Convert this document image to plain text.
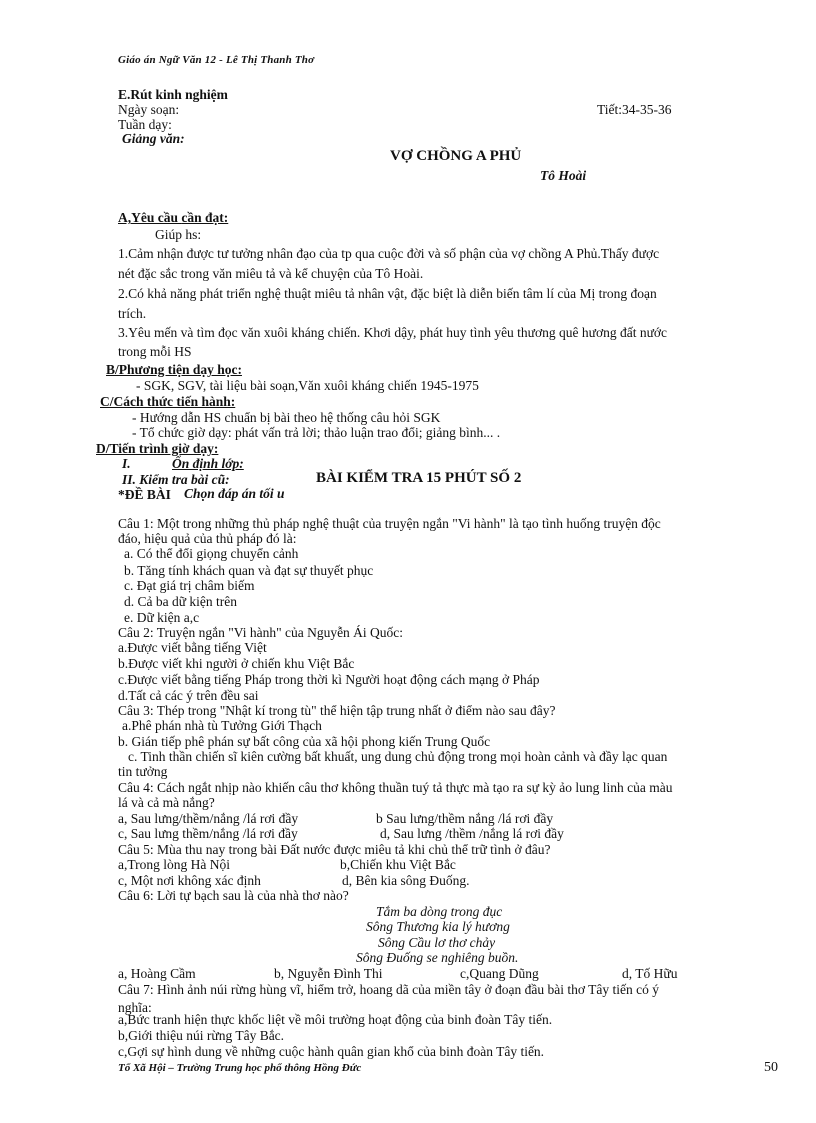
Giáo án Ngữ Văn 12 - Lê Thị Thanh Thơ
E.Rút kinh nghiệm
Ngày soạn:	Tiết:34-35-36
Tuần dạy:
Giảng văn:
VỢ CHỒNG A PHỦ
Tô Hoài
A,Yêu cầu cần đạt:
Giúp hs:
1.Cảm nhận được tư tưởng nhân đạo của tp qua cuộc đời và số phận của vợ chồng A Phủ.Thấy được
nét đặc sắc trong văn miêu tả và kể chuyện của Tô Hoài.
2.Có khả năng phát triển nghệ thuật miêu tả nhân vật, đặc biệt là diễn biến tâm lí của Mị trong đoạn
trích.
3.Yêu mến và tìm đọc văn xuôi kháng chiến. Khơi dậy, phát huy tình yêu thương quê hương đất nước
trong mỗi HS
B/Phương tiện dạy học:
- SGK, SGV, tài liệu bài soạn,Văn xuôi kháng chiến 1945-1975
C/Cách thức tiến hành:
- Hướng dẫn HS chuẩn bị bài theo hệ thống câu hỏi SGK
- Tổ chức giờ dạy: phát vấn trả lời; thảo luận trao đổi; giảng bình... .
D/Tiến trình giờ dạy:
I.	Ổn định lớp:
II. Kiểm tra bài cũ:	BÀI KIỂM TRA 15 PHÚT SỐ 2
*ĐỀ BÀI Chọn đáp án tối u
Câu 1: Một trong những thủ pháp nghệ thuật của truyện ngắn "Vi hành" là tạo tình huống truyện độc
đáo, hiệu quả của thủ pháp đó là:
a. Có thể đổi giọng chuyển cảnh
b. Tăng tính khách quan và đạt sự thuyết phục
c. Đạt giá trị châm biếm
d. Cả ba dữ kiện trên
e. Dữ kiện a,c
Câu 2: Truyện ngắn "Vi hành" của Nguyễn Ái Quốc:
a.Được viết bằng tiếng Việt
b.Được viết khi người ở chiến khu Việt Bắc
c.Được viết bằng tiếng Pháp trong thời kì Người hoạt động cách mạng ở Pháp
d.Tất cả các ý trên đều sai
Câu 3: Thép trong "Nhật kí trong tù" thể hiện tập trung nhất ở điểm nào sau đây?
a.Phê phán nhà tù Tưởng Giới Thạch
b. Gián tiếp phê phán sự bất công của xã hội phong kiến Trung Quốc
c. Tinh thần chiến sĩ kiên cường bất khuất, ung dung chủ động trong mọi hoàn cảnh và đầy lạc quan
tin tưởng
Câu 4: Cách ngắt nhịp nào khiến câu thơ không thuần tuý tả thực mà tạo ra sự kỳ ảo lung linh của màu
lá và cả mà nắng?
a, Sau lưng/thềm/nắng /lá rơi đầy	b Sau lưng/thềm nắng /lá rơi đầy
c, Sau lưng thềm/nắng /lá rơi đầy	d, Sau lưng /thềm /nắng lá rơi đầy
Câu 5: Mùa thu nay trong bài Đất nước được miêu tả khi chủ thể trữ tình ở đâu?
a,Trong lòng Hà Nội	b,Chiến khu Việt Bắc
c, Một nơi không xác định	d, Bên kia sông Đuống.
Câu 6: Lời tự bạch sau là của nhà thơ nào?
Tắm ba dòng trong đục
Sông Thương kia lý hương
Sông Cầu lơ thơ chảy
Sông Đuống se nghiêng buồn.
a, Hoàng Cầm	b, Nguyễn Đình Thi	c,Quang Dũng	d, Tố Hữu
Câu 7: Hình ảnh núi rừng hùng vĩ, hiểm trở, hoang dã của miền tây ở đoạn đầu bài thơ Tây tiến có ý
nghĩa:
a,Bức tranh hiện thực khốc liệt về môi trường hoạt động của binh đoàn Tây tiến.
b,Giới thiệu núi rừng Tây Bắc.
c,Gợi sự hình dung về những cuộc hành quân gian khổ của binh đoàn Tây tiến.
Tổ Xã Hội – Trường Trung học phổ thông Hồng Đức	50
